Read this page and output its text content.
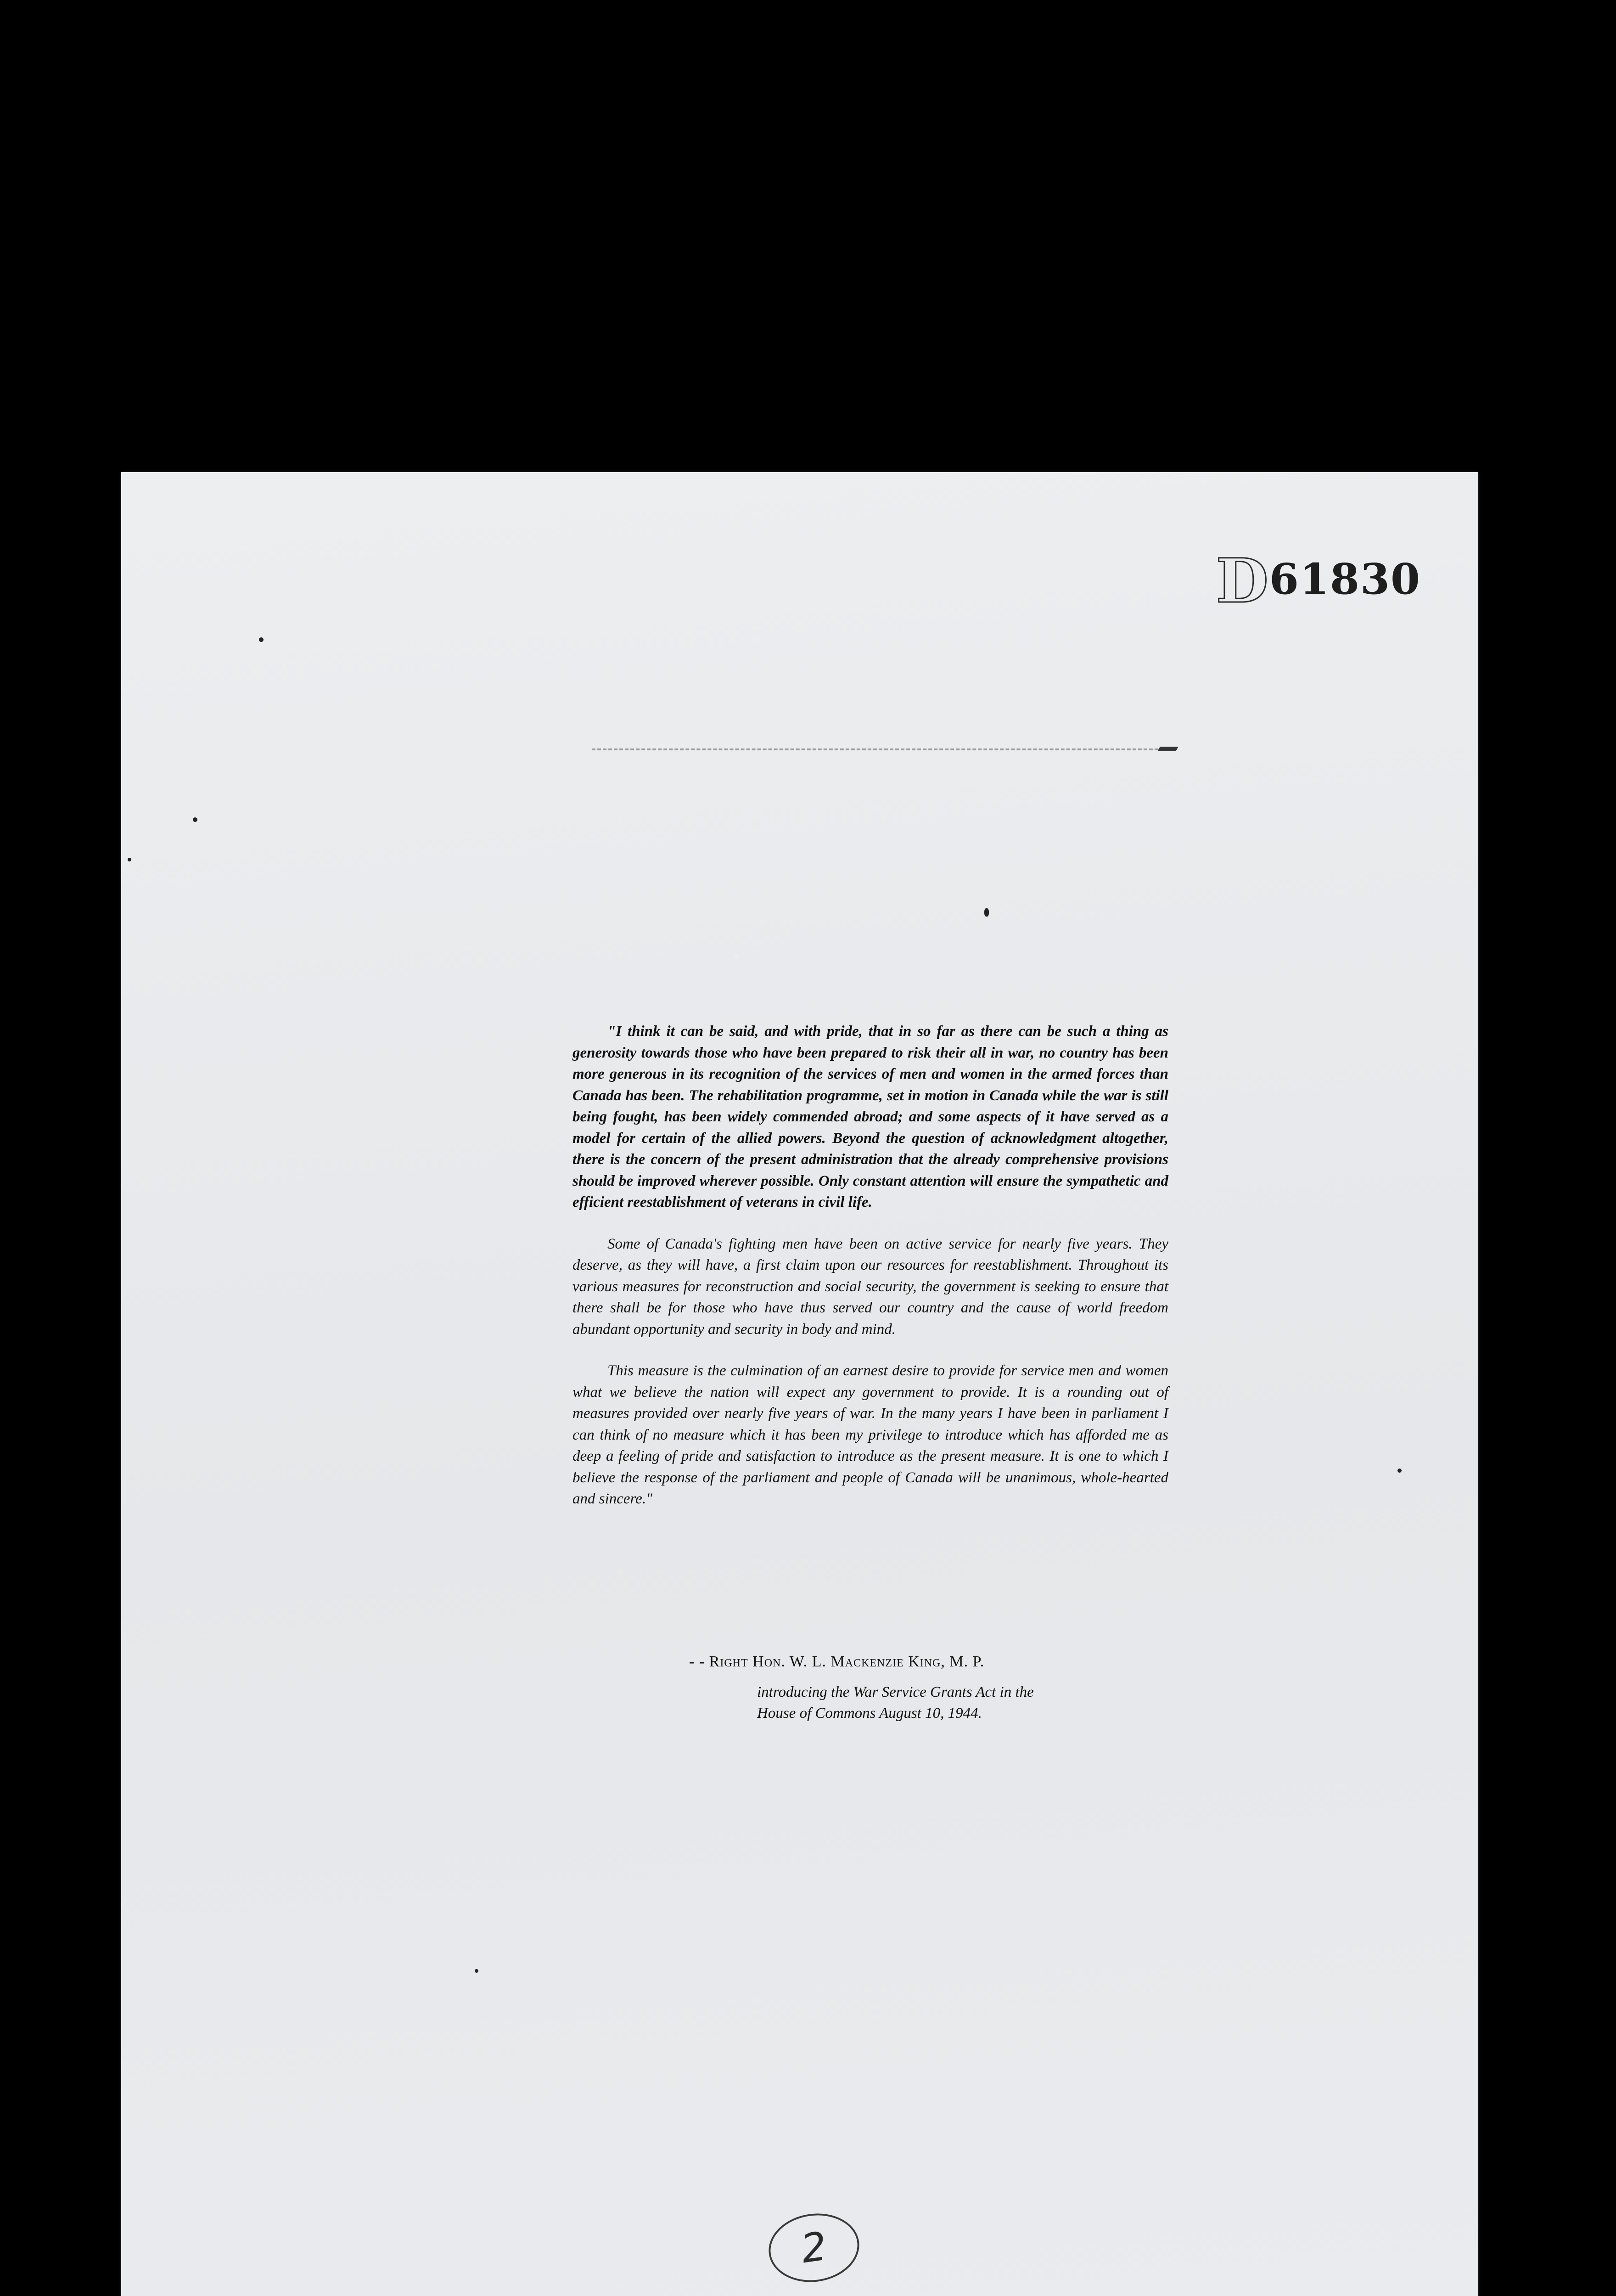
D61830

"I think it can be said, and with pride, that in so far as there can be such a thing as generosity towards those who have been prepared to risk their all in war, no country has been more generous in its recognition of the services of men and women in the armed forces than Canada has been. The rehabilitation programme, set in motion in Canada while the war is still being fought, has been widely commended abroad; and some aspects of it have served as a model for certain of the allied powers. Beyond the question of acknowledgment altogether, there is the concern of the present administration that the already comprehensive provisions should be improved wherever possible. Only constant attention will ensure the sympathetic and efficient reestablishment of veterans in civil life.

Some of Canada's fighting men have been on active service for nearly five years. They deserve, as they will have, a first claim upon our resources for reestablishment. Throughout its various measures for reconstruction and social security, the government is seeking to ensure that there shall be for those who have thus served our country and the cause of world freedom abundant opportunity and security in body and mind.

This measure is the culmination of an earnest desire to provide for service men and women what we believe the nation will expect any government to provide. It is a rounding out of measures provided over nearly five years of war. In the many years I have been in parliament I can think of no measure which it has been my privilege to introduce which has afforded me as deep a feeling of pride and satisfaction to introduce as the present measure. It is one to which I believe the response of the parliament and people of Canada will be unanimous, whole-hearted and sincere."

- - Right Hon. W. L. Mackenzie King, M. P.
introducing the War Service Grants Act in the
House of Commons August 10, 1944.
2
